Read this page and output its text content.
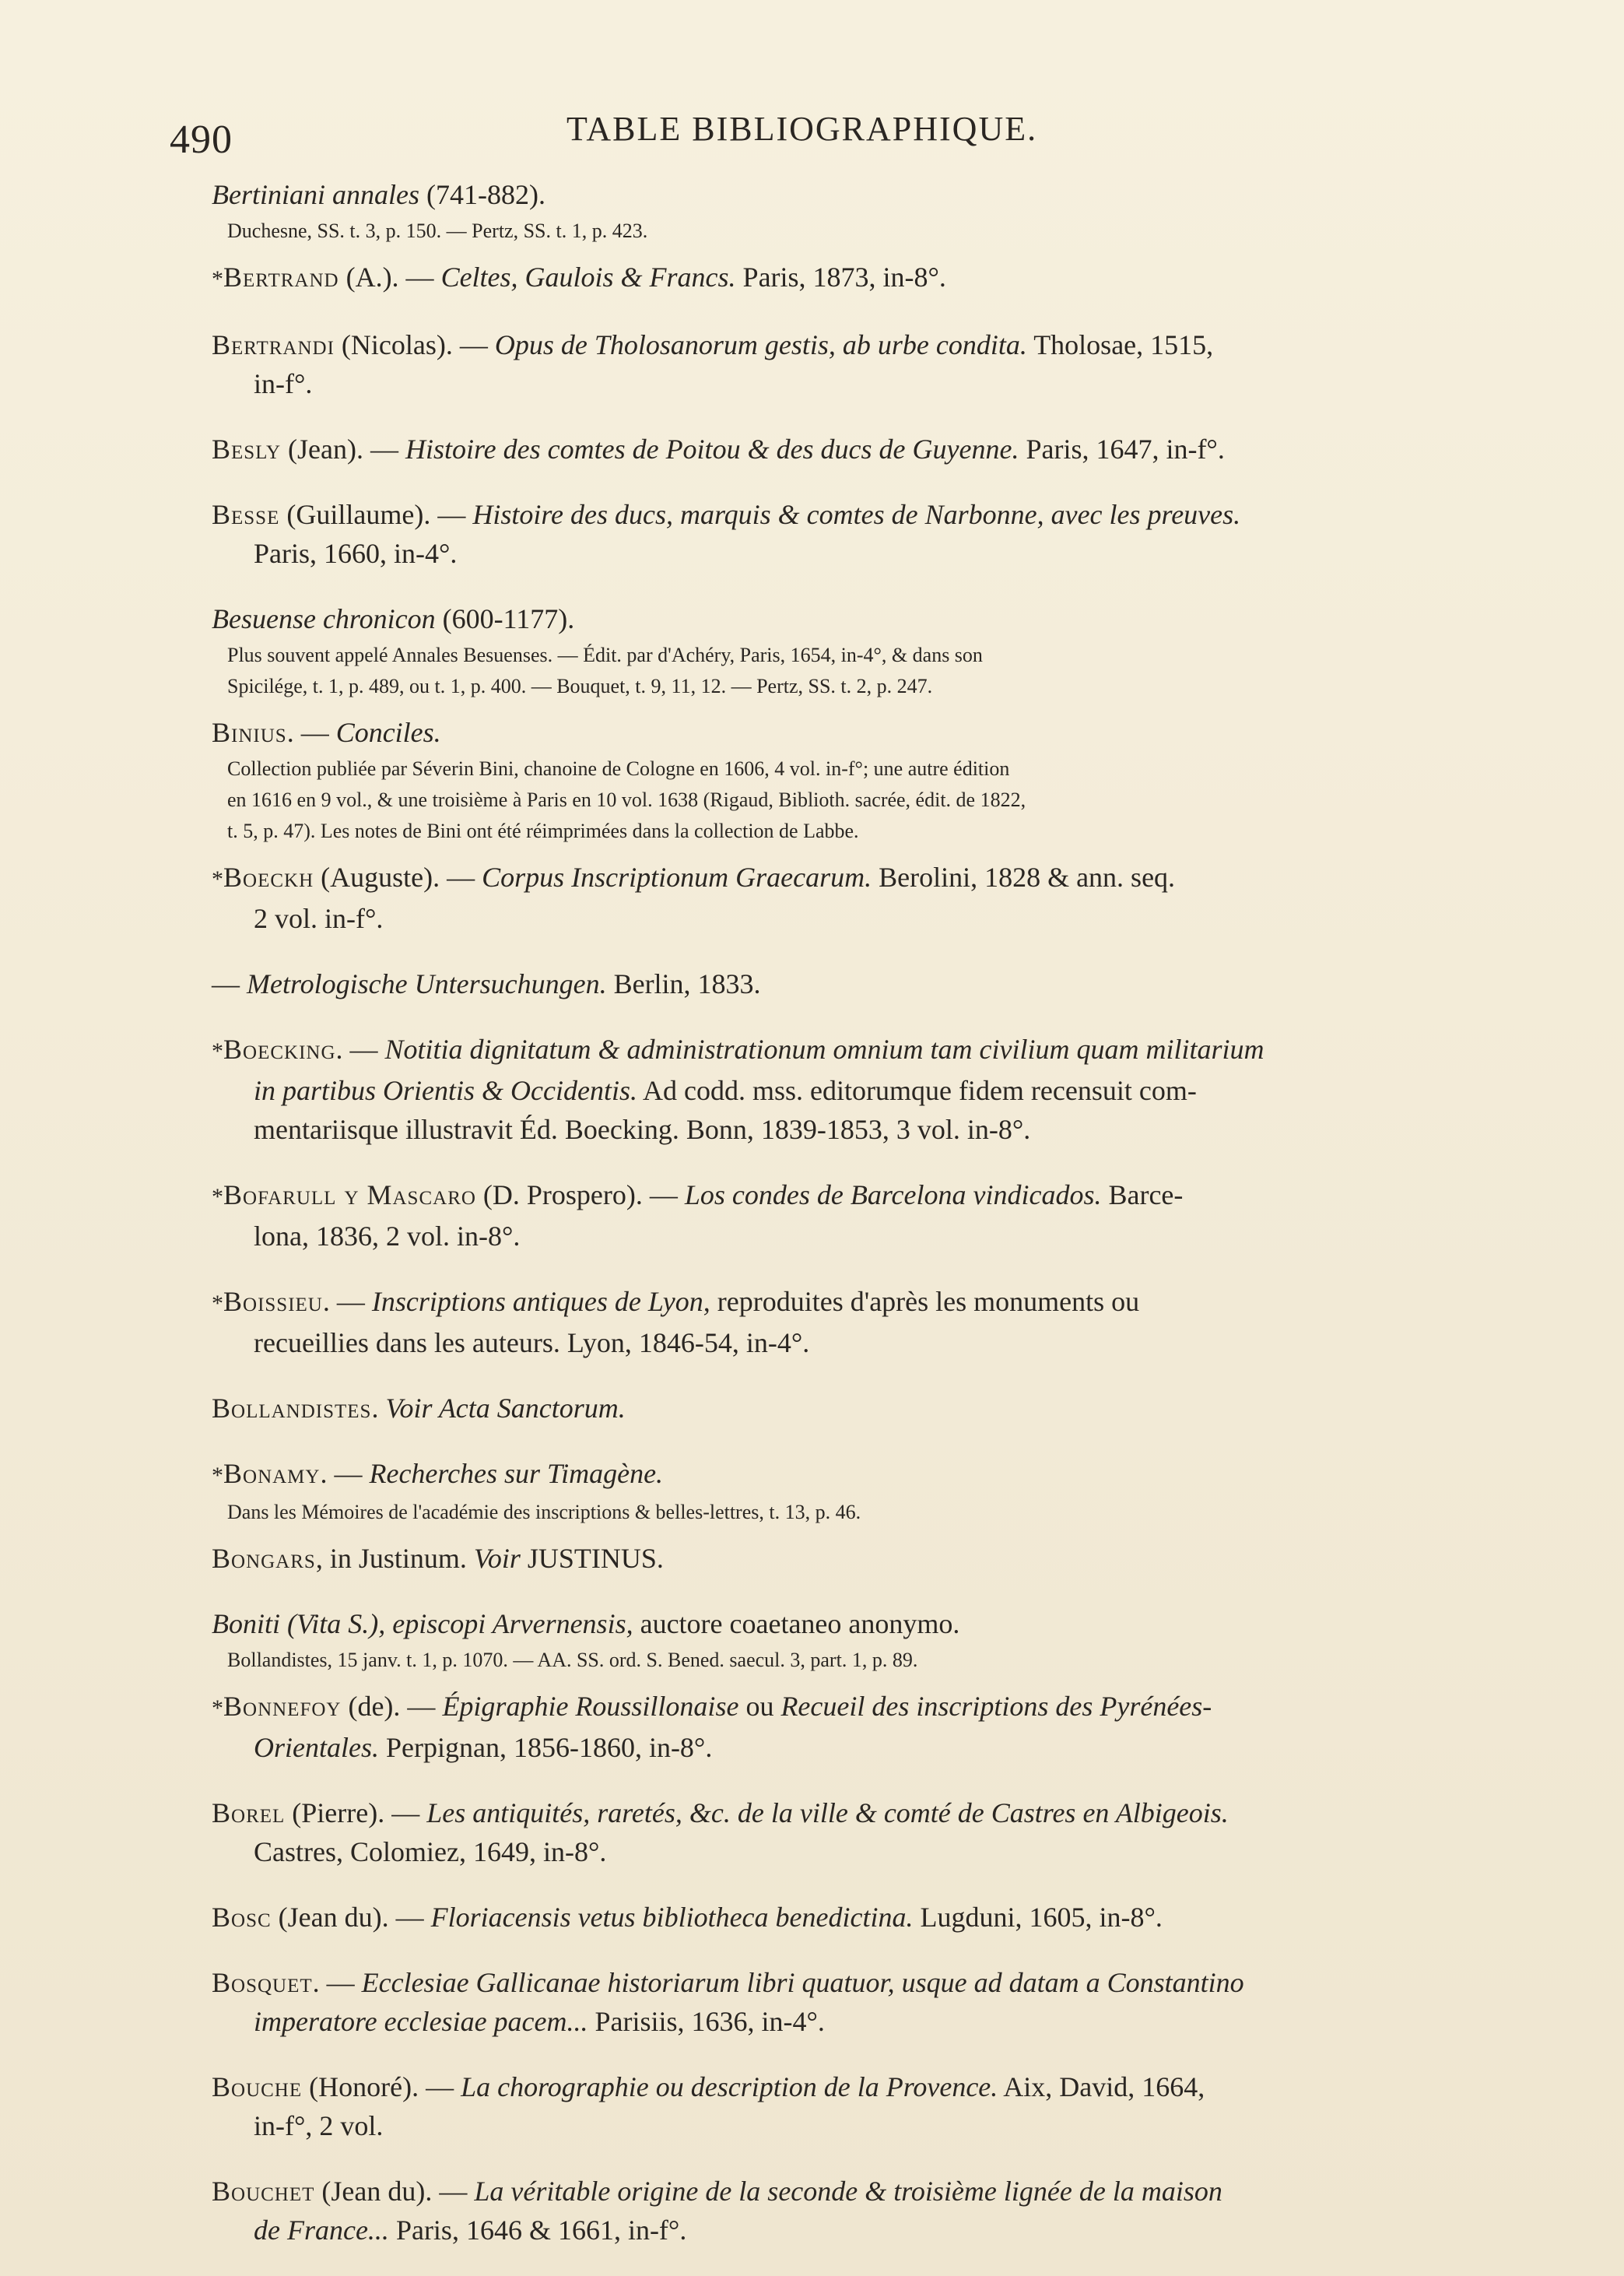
490	TABLE BIBLIOGRAPHIQUE.
Bertiniani annales (741-882).
Duchesne, SS. t. 3, p. 150. — Pertz, SS. t. 1, p. 423.
*Bertrand (A.). — Celtes, Gaulois & Francs. Paris, 1873, in-8°.
Bertrandi (Nicolas). — Opus de Tholosanorum gestis, ab urbe condita. Tholosae, 1515,
in-f°.
Besly (Jean). — Histoire des comtes de Poitou & des ducs de Guyenne. Paris, 1647, in-f°.
Besse (Guillaume). — Histoire des ducs, marquis & comtes de Narbonne, avec les preuves.
Paris, 1660, in-4°.
Besuense chronicon (600-1177).
Plus souvent appelé Annales Besuenses. — Édit. par d'Achéry, Paris, 1654, in-4°, & dans son
Spicilége, t. 1, p. 489, ou t. 1, p. 400. — Bouquet, t. 9, 11, 12. — Pertz, SS. t. 2, p. 247.
Binius. — Conciles.
Collection publiée par Séverin Bini, chanoine de Cologne en 1606, 4 vol. in-f°; une autre édition
en 1616 en 9 vol., & une troisième à Paris en 10 vol. 1638 (Rigaud, Biblioth. sacrée, édit. de 1822,
t. 5, p. 47). Les notes de Bini ont été réimprimées dans la collection de Labbe.
*Boeckh (Auguste). — Corpus Inscriptionum Graecarum. Berolini, 1828 & ann. seq.
2 vol. in-f°.
— Metrologische Untersuchungen. Berlin, 1833.
*Boecking. — Notitia dignitatum & administrationum omnium tam civilium quam militarium
in partibus Orientis & Occidentis. Ad codd. mss. editorumque fidem recensuit com-
mentariisque illustravit Éd. Boecking. Bonn, 1839-1853, 3 vol. in-8°.
*Bofarull y Mascaro (D. Prospero). — Los condes de Barcelona vindicados. Barce-
lona, 1836, 2 vol. in-8°.
*Boissieu. — Inscriptions antiques de Lyon, reproduites d'après les monuments ou
recueillies dans les auteurs. Lyon, 1846-54, in-4°.
Bollandistes. Voir Acta Sanctorum.
*Bonamy. — Recherches sur Timagène.
Dans les Mémoires de l'académie des inscriptions & belles-lettres, t. 13, p. 46.
Bongars, in Justinum. Voir JUSTINUS.
Boniti (Vita S.), episcopi Arvernensis, auctore coaetaneo anonymo.
Bollandistes, 15 janv. t. 1, p. 1070. — AA. SS. ord. S. Bened. saecul. 3, part. 1, p. 89.
*Bonnefoy (de). — Épigraphie Roussillonaise ou Recueil des inscriptions des Pyrénées-
Orientales. Perpignan, 1856-1860, in-8°.
Borel (Pierre). — Les antiquités, raretés, &c. de la ville & comté de Castres en Albigeois.
Castres, Colomiez, 1649, in-8°.
Bosc (Jean du). — Floriacensis vetus bibliotheca benedictina. Lugduni, 1605, in-8°.
Bosquet. — Ecclesiae Gallicanae historiarum libri quatuor, usque ad datam a Constantino
imperatore ecclesiae pacem... Parisiis, 1636, in-4°.
Bouche (Honoré). — La chorographie ou description de la Provence. Aix, David, 1664,
in-f°, 2 vol.
Bouchet (Jean du). — La véritable origine de la seconde & troisième lignée de la maison
de France... Paris, 1646 & 1661, in-f°.
